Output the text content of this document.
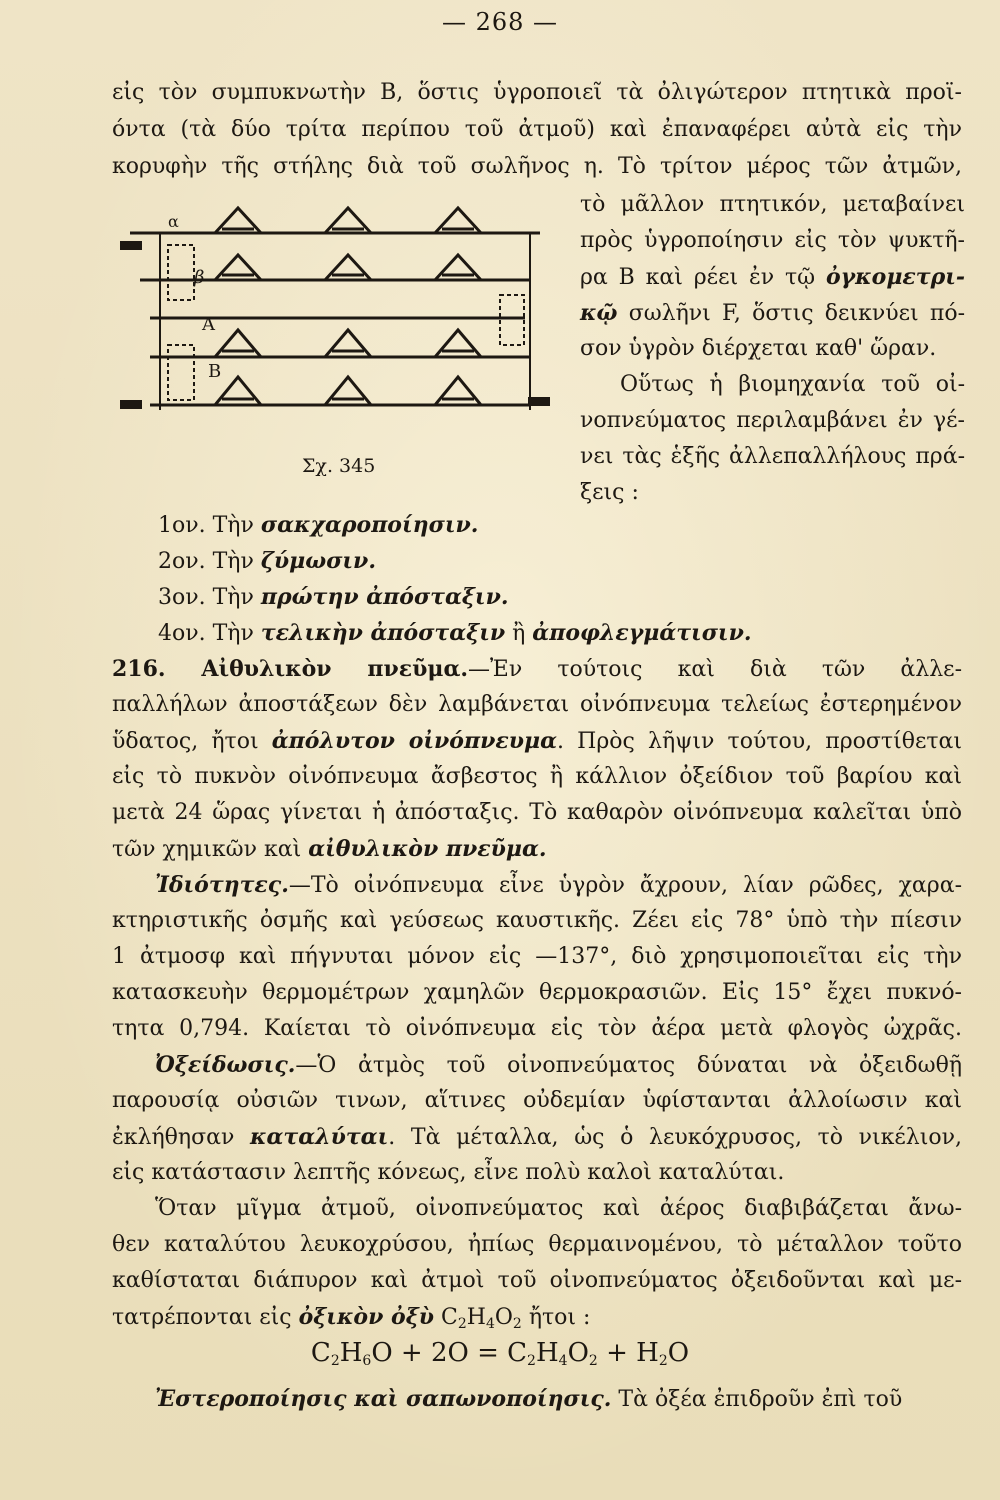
— 268 —
εἰς τὸν συμπυκνωτὴν Β, ὅστις ὑγροποιεῖ τὰ ὀλιγώτερον πτητικὰ προϊ-
όντα (τὰ δύο τρίτα περίπου τοῦ ἀτμοῦ) καὶ ἐπαναφέρει αὐτὰ εἰς τὴν
κορυφὴν τῆς στήλης διὰ τοῦ σωλῆνος η. Τὸ τρίτον μέρος τῶν ἀτμῶν,
α
β
Α
Β
Σχ. 345
τὸ μᾶλλον πτητικόν, μεταβαίνει
πρὸς ὑγροποίησιν εἰς τὸν ψυκτῆ-
ρα Β καὶ ρέει ἐν τῷ ὀγκομετρι-
κῷ σωλῆνι F, ὅστις δεικνύει πό-
σον ὑγρὸν διέρχεται καθ' ὥραν.
Οὕτως ἡ βιομηχανία τοῦ οἰ-
νοπνεύματος περιλαμβάνει ἐν γέ-
νει τὰς ἑξῆς ἀλλεπαλλήλους πρά-
ξεις :
1ον. Τὴν σακχαροποίησιν.
2ον. Τὴν ζύμωσιν.
3ον. Τὴν πρώτην ἀπόσταξιν.
4ον. Τὴν τελικὴν ἀπόσταξιν ἢ ἀποφλεγμάτισιν.
216. Αἰθυλικὸν πνεῦμα.—Ἐν τούτοις καὶ διὰ τῶν ἀλλε-
παλλήλων ἀποστάξεων δὲν λαμβάνεται οἰνόπνευμα τελείως ἐστερημένον
ὕδατος, ἤτοι ἀπόλυτον οἰνόπνευμα. Πρὸς λῆψιν τούτου, προστίθεται
εἰς τὸ πυκνὸν οἰνόπνευμα ἄσβεστος ἢ κάλλιον ὀξείδιον τοῦ βαρίου καὶ
μετὰ 24 ὥρας γίνεται ἡ ἀπόσταξις. Τὸ καθαρὸν οἰνόπνευμα καλεῖται ὑπὸ
τῶν χημικῶν καὶ αἰθυλικὸν πνεῦμα.
Ἰδιότητες.—Τὸ οἰνόπνευμα εἶνε ὑγρὸν ἄχρουν, λίαν ρῶδες, χαρα-
κτηριστικῆς ὀσμῆς καὶ γεύσεως καυστικῆς. Ζέει εἰς 78° ὑπὸ τὴν πίεσιν
1 ἀτμοσφ καὶ πήγνυται μόνον εἰς —137°, διὸ χρησιμοποιεῖται εἰς τὴν
κατασκευὴν θερμομέτρων χαμηλῶν θερμοκρασιῶν. Εἰς 15° ἔχει πυκνό-
τητα 0,794. Καίεται τὸ οἰνόπνευμα εἰς τὸν ἀέρα μετὰ φλογὸς ὠχρᾶς.
Ὀξείδωσις.—Ὁ ἀτμὸς τοῦ οἰνοπνεύματος δύναται νὰ ὀξειδωθῇ
παρουσίᾳ οὐσιῶν τινων, αἵτινες οὐδεμίαν ὑφίστανται ἀλλοίωσιν καὶ
ἐκλήθησαν καταλύται. Τὰ μέταλλα, ὡς ὁ λευκόχρυσος, τὸ νικέλιον,
εἰς κατάστασιν λεπτῆς κόνεως, εἶνε πολὺ καλοὶ καταλύται.
Ὅταν μῖγμα ἀτμοῦ, οἰνοπνεύματος καὶ ἀέρος διαβιβάζεται ἄνω-
θεν καταλύτου λευκοχρύσου, ἠπίως θερμαινομένου, τὸ μέταλλον τοῦτο
καθίσταται διάπυρον καὶ ἀτμοὶ τοῦ οἰνοπνεύματος ὀξειδοῦνται καὶ με-
τατρέπονται εἰς ὀξικὸν ὀξὺ $C_2H_4O_2$ ἤτοι :
$C_2H_6O + 2O = C_2H_4O_2 + H_2O$
Ἐστεροποίησις καὶ σαπωνοποίησις. Τὰ ὀξέα ἐπιδροῦν ἐπὶ τοῦ
